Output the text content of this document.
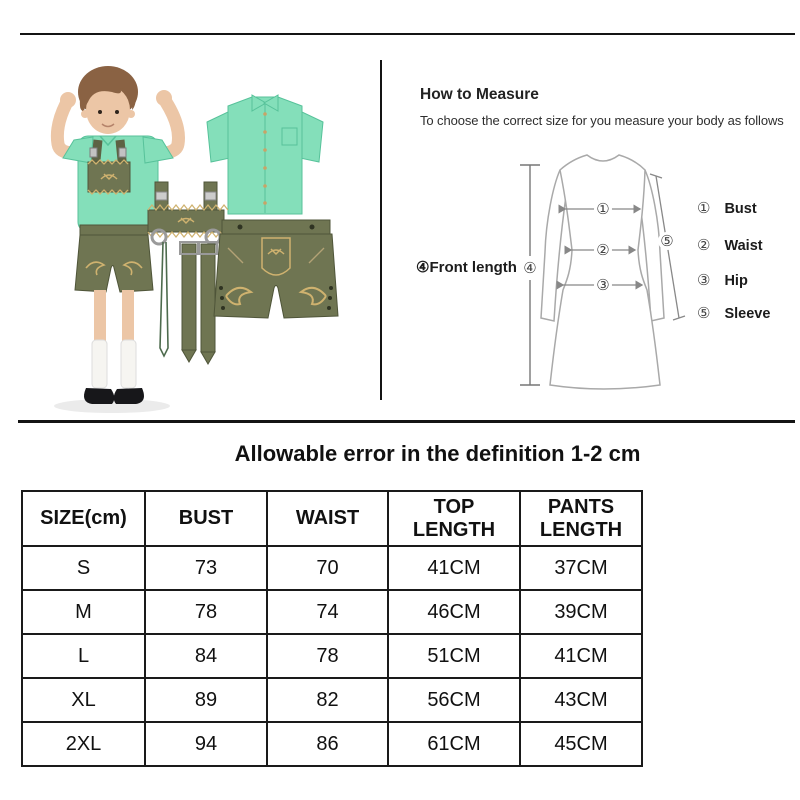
How to Measure
To choose the correct size for you measure your body as follows
①
②
③
④
⑤
④Front length
① Bust
② Waist
③ Hip
⑤ Sleeve
Allowable error in the definition 1-2 cm
SIZE(cm)	BUST	WAIST	TOP LENGTH	PANTS LENGTH
S	73	70	41CM	37CM
M	78	74	46CM	39CM
L	84	78	51CM	41CM
XL	89	82	56CM	43CM
2XL	94	86	61CM	45CM
